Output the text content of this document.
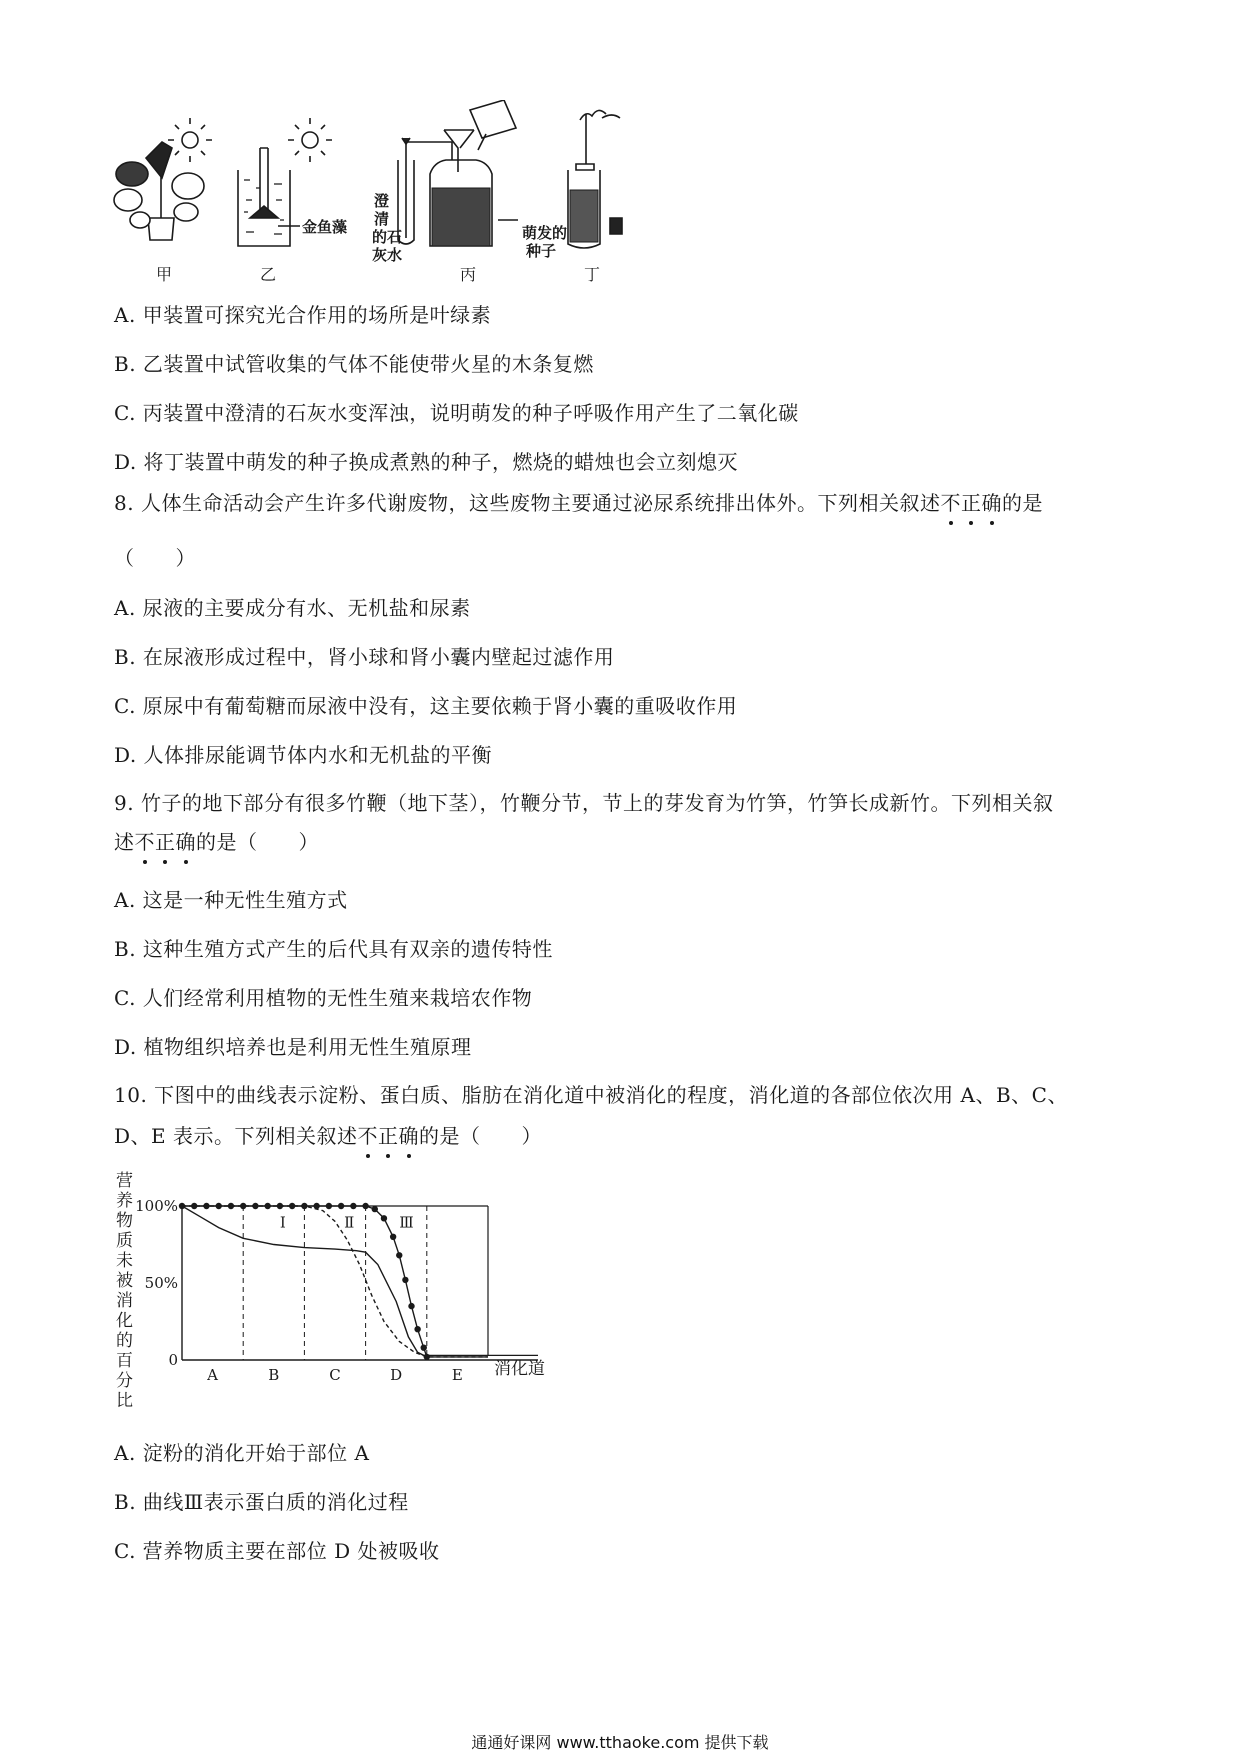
甲	乙	丙	丁
金鱼藻
澄
清
的石
灰水
萌发的
种子
A. 甲装置可探究光合作用的场所是叶绿素
B. 乙装置中试管收集的气体不能使带火星的木条复燃
C. 丙装置中澄清的石灰水变浑浊，说明萌发的种子呼吸作用产生了二氧化碳
D. 将丁装置中萌发的种子换成煮熟的种子，燃烧的蜡烛也会立刻熄灭
8. 人体生命活动会产生许多代谢废物，这些废物主要通过泌尿系统排出体外。下列相关叙述不正确的是
（　　）
A. 尿液的主要成分有水、无机盐和尿素
B. 在尿液形成过程中，肾小球和肾小囊内壁起过滤作用
C. 原尿中有葡萄糖而尿液中没有，这主要依赖于肾小囊的重吸收作用
D. 人体排尿能调节体内水和无机盐的平衡
9. 竹子的地下部分有很多竹鞭（地下茎），竹鞭分节，节上的芽发育为竹笋，竹笋长成新竹。下列相关叙
述不正确的是（　　）
A. 这是一种无性生殖方式
B. 这种生殖方式产生的后代具有双亲的遗传特性
C. 人们经常利用植物的无性生殖来栽培农作物
D. 植物组织培养也是利用无性生殖原理
10. 下图中的曲线表示淀粉、蛋白质、脂肪在消化道中被消化的程度，消化道的各部位依次用 A、B、C、
D、E 表示。下列相关叙述不正确的是（　　）
营
养
物
质
未
被
消
化
的
百
分
比
100%
50%
0
Ⅰ	Ⅱ	Ⅲ
A	B	C	D	E 消化道
A. 淀粉的消化开始于部位 A
B. 曲线Ⅲ表示蛋白质的消化过程
C. 营养物质主要在部位 D 处被吸收
通通好课网 www.tthaoke.com 提供下载
